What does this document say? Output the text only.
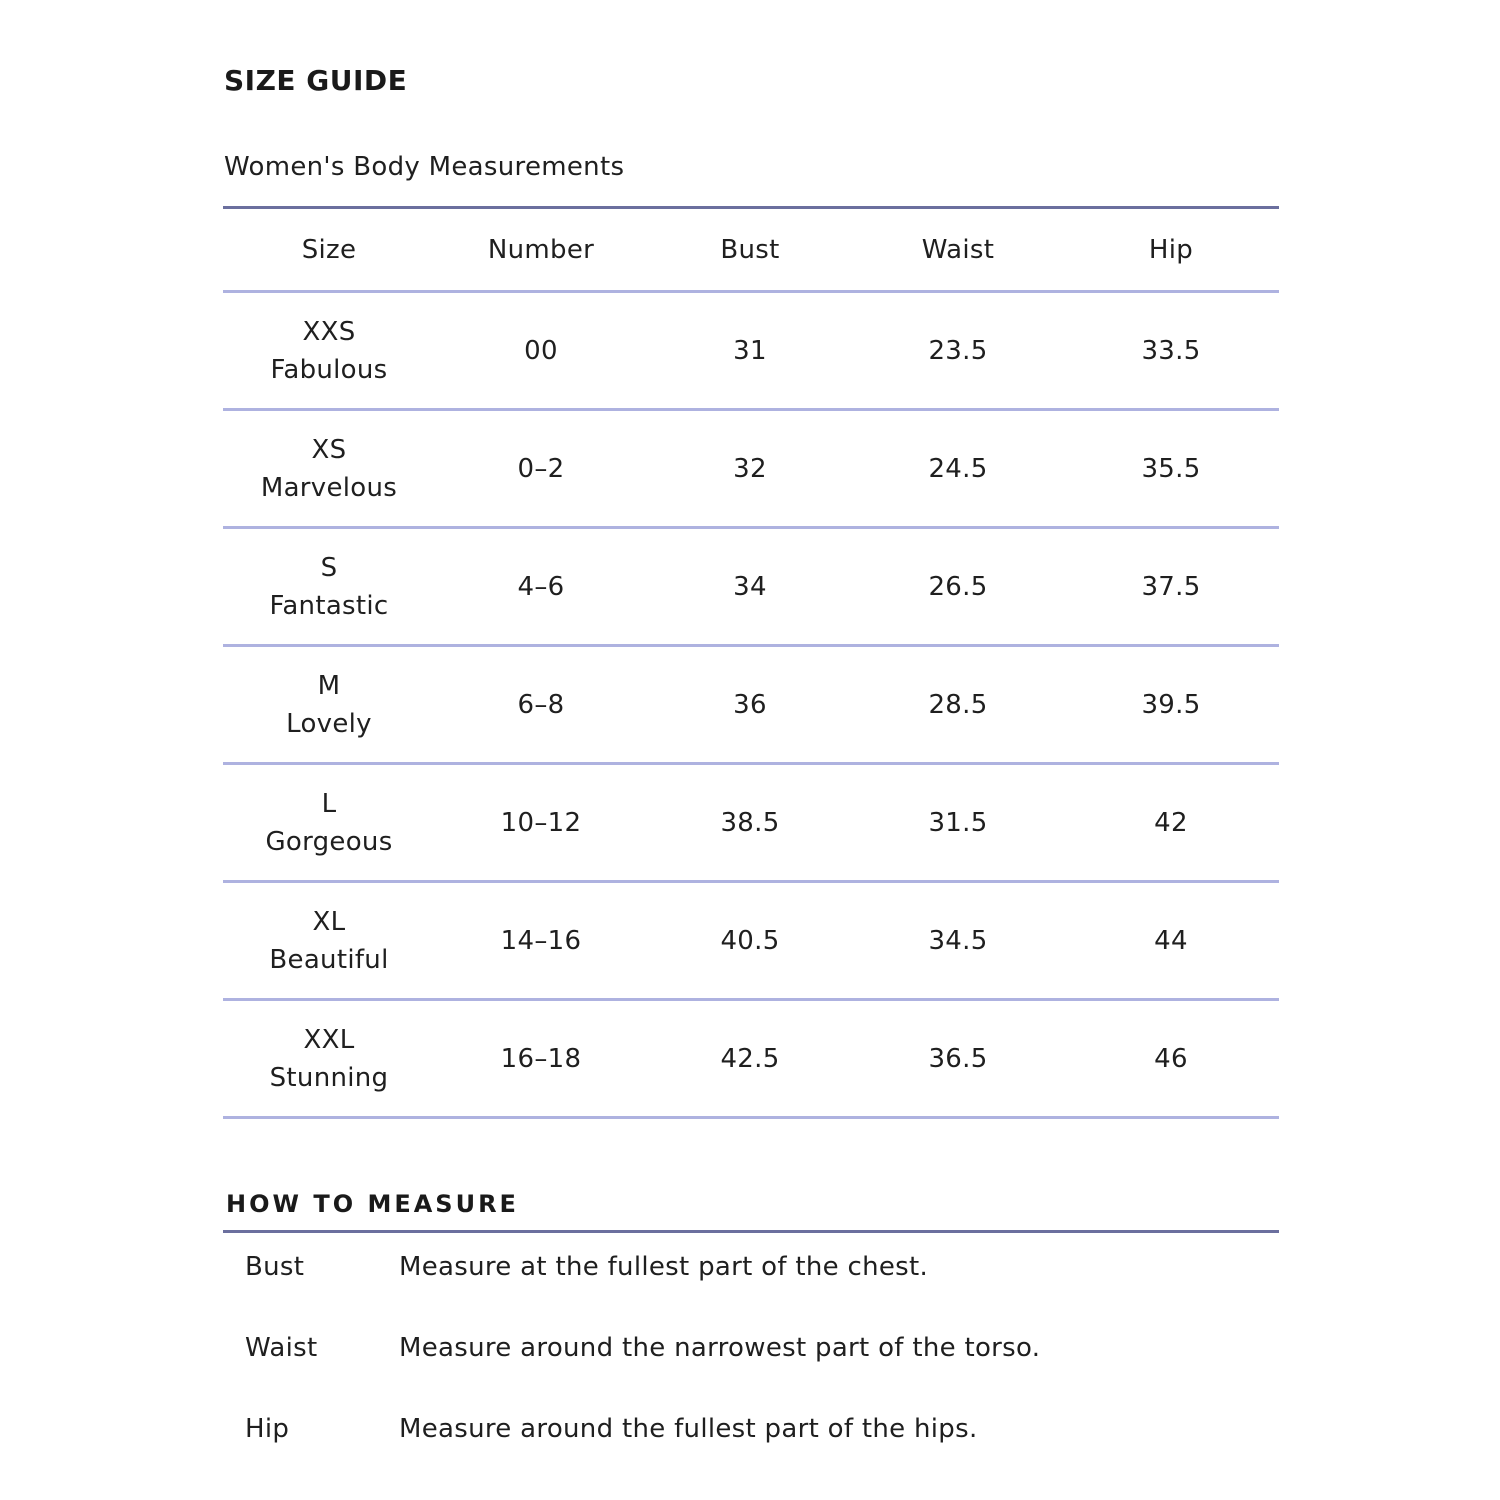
SIZE GUIDE
Women's Body Measurements
Size	Number	Bust	Waist	Hip

XXS
Fabulous	00	31	23.5	33.5

XS
Marvelous	0–2	32	24.5	35.5

S
Fantastic	4–6	34	26.5	37.5

M
Lovely	6–8	36	28.5	39.5

L
Gorgeous	10–12	38.5	31.5	42

XL
Beautiful	14–16	40.5	34.5	44

XXL
Stunning	16–18	42.5	36.5	46
HOW TO MEASURE
Bust	Measure at the fullest part of the chest.
Waist	Measure around the narrowest part of the torso.
Hip	Measure around the fullest part of the hips.
